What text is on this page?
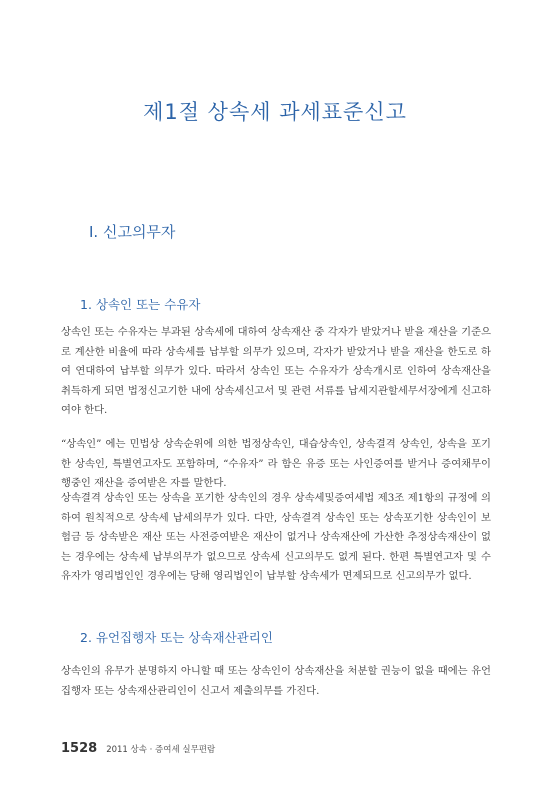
제1절 상속세 과세표준신고
Ⅰ. 신고의무자
1. 상속인 또는 수유자
상속인 또는 수유자는 부과된 상속세에 대하여 상속재산 중 각자가 받았거나 받을 재산을 기준으로 계산한 비율에 따라 상속세를 납부할 의무가 있으며, 각자가 받았거나 받을 재산을 한도로 하여 연대하여 납부할 의무가 있다. 따라서 상속인 또는 수유자가 상속개시로 인하여 상속재산을 취득하게 되면 법정신고기한 내에 상속세신고서 및 관련 서류를 납세지관할세무서장에게 신고하여야 한다.
“상속인” 에는 민법상 상속순위에 의한 법정상속인, 대습상속인, 상속결격 상속인, 상속을 포기한 상속인, 특별연고자도 포함하며, “수유자” 라 함은 유증 또는 사인증여를 받거나 증여채무이행중인 재산을 증여받은 자를 말한다.
상속결격 상속인 또는 상속을 포기한 상속인의 경우 상속세및증여세법 제3조 제1항의 규정에 의하여 원칙적으로 상속세 납세의무가 있다. 다만, 상속결격 상속인 또는 상속포기한 상속인이 보험금 등 상속받은 재산 또는 사전증여받은 재산이 없거나 상속재산에 가산한 추정상속재산이 없는 경우에는 상속세 납부의무가 없으므로 상속세 신고의무도 없게 된다. 한편 특별연고자 및 수유자가 영리법인인 경우에는 당해 영리법인이 납부할 상속세가 면제되므로 신고의무가 없다.
2. 유언집행자 또는 상속재산관리인
상속인의 유무가 분명하지 아니할 때 또는 상속인이 상속재산을 처분할 권능이 없을 때에는 유언집행자 또는 상속재산관리인이 신고서 제출의무를 가진다.
1528 2011 상속 · 증여세 실무편람
